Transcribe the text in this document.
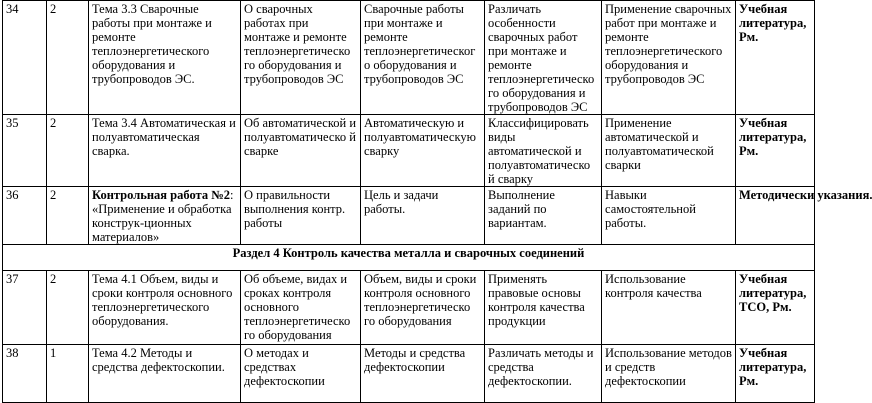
34	2	Тема 3.3 Сварочные работы при монтаже и ремонте теплоэнергетического оборудования и трубопроводов ЭС.	О сварочных работах при монтаже и ремонте теплоэнергетическо го оборудования и трубопроводов ЭС	Сварочные работы при монтаже и ремонте теплоэнергетическог о оборудования и трубопроводов ЭС	Различать особенности сварочных работ при монтаже и ремонте теплоэнергетическо го оборудования и трубопроводов ЭС	Применение сварочных работ при монтаже и ремонте теплоэнергетического оборудования и трубопроводов ЭС	Учебная литература, Рм.
35	2	Тема 3.4 Автоматическая и полуавтоматическая сварка.	Об автоматической и полуавтоматическо й сварке	Автоматическую и полуавтоматическую сварку	Классифицировать виды автоматической и полуавтоматическо й сварку	Применение автоматической и полуавтоматической сварки	Учебная литература, Рм.
36	2	Контрольная работа №2: «Применение и обработка конструк-ционных материалов»	О правильности выполнения контр. работы	Цель и задачи работы.	Выполнение заданий по вариантам.	Навыки самостоятельной работы.	Методически указания.
Раздел 4 Контроль качества металла и сварочных соединений							
37	2	Тема 4.1 Объем, виды и сроки контроля основного теплоэнергетического оборудования.	Об объеме, видах и сроках контроля основного теплоэнергетическо го оборудования	Объем, виды и сроки контроля основного теплоэнергетическо го оборудования	Применять правовые основы контроля качества продукции	Использование контроля качества	Учебная литература, ТСО, Рм.
38	1	Тема 4.2 Методы и средства дефектоскопии.	О методах и средствах дефектоскопии	Методы и средства дефектоскопии	Различать методы и средства дефектоскопии.	Использование методов и средств дефектоскопии	Учебная литература, Рм.
